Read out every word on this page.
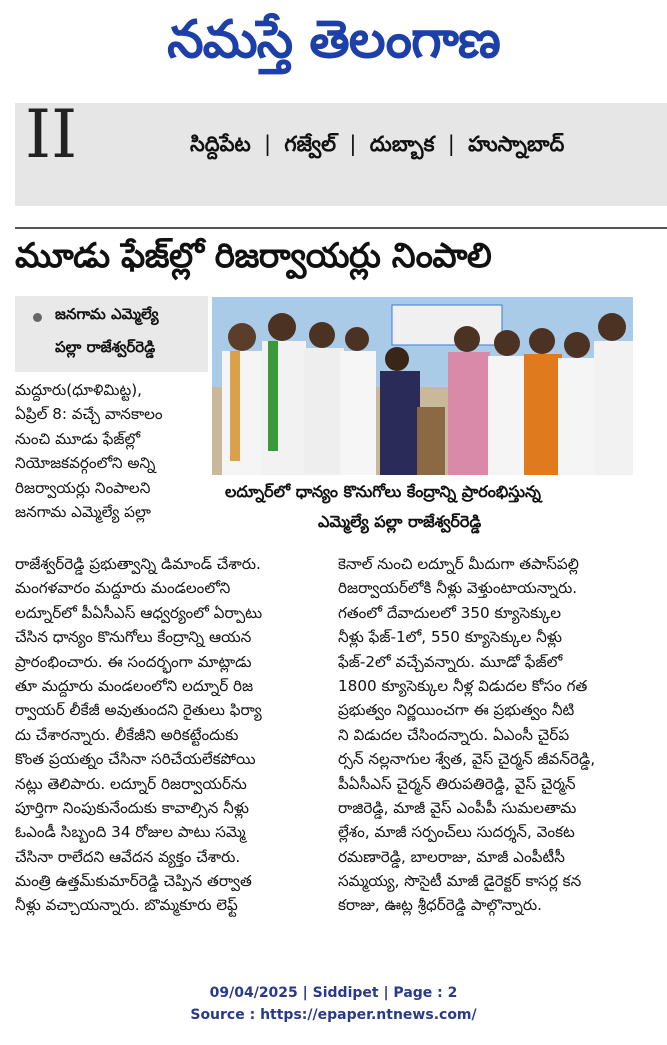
నమస్తే తెలంగాణ
II	సిద్దిపేట | గజ్వేల్ | దుబ్బాక | హుస్నాబాద్
మూడు ఫేజ్‌ల్లో రిజర్వాయర్లు నింపాలి
జనగామ ఎమ్మెల్యే
పల్లా రాజేశ్వర్‌రెడ్డి
లద్నూర్‌లో ధాన్యం కొనుగోలు కేంద్రాన్ని ప్రారంభిస్తున్న
ఎమ్మెల్యే పల్లా రాజేశ్వర్‌రెడ్డి
మద్దూరు(ధూళిమిట్ట),
ఏప్రిల్ 8: వచ్చే వానకాలం
నుంచి మూడు ఫేజ్‌ల్లో
నియోజకవర్గంలోని అన్ని
రిజర్వాయర్లు నింపాలని
జనగామ ఎమ్మెల్యే పల్లా
రాజేశ్వర్‌రెడ్డి ప్రభుత్వాన్ని డిమాండ్ చేశారు.
మంగళవారం మద్దూరు మండలంలోని
లద్నూర్‌లో పీఏసీఎస్ ఆధ్వర్యంలో ఏర్పాటు
చేసిన ధాన్యం కొనుగోలు కేంద్రాన్ని ఆయన
ప్రారంభించారు. ఈ సందర్భంగా మాట్లాడు
తూ మద్దూరు మండలంలోని లద్నూర్ రిజ
ర్వాయర్ లీకేజీ అవుతుందని రైతులు ఫిర్యా
దు చేశారన్నారు. లీకేజీని అరికట్టేందుకు
కొంత ప్రయత్నం చేసినా సరిచేయలేకపోయి
నట్లు తెలిపారు. లద్నూర్ రిజర్వాయర్‌ను
పూర్తిగా నింపుకునేందుకు కావాల్సిన నీళ్లు
ఓఎండీ సిబ్బంది 34 రోజుల పాటు సమ్మె
చేసినా రాలేదని ఆవేదన వ్యక్తం చేశారు.
మంత్రి ఉత్తమ్‌కుమార్‌రెడ్డి చెప్పిన తర్వాత
నీళ్లు వచ్చాయన్నారు. బొమ్మకూరు లెఫ్ట్
కెనాల్ నుంచి లద్నూర్ మీదుగా తపాస్‌పల్లి
రిజర్వాయర్‌లోకి నీళ్లు వెళ్తుంటాయన్నారు.
గతంలో దేవాదులలో 350 క్యూసెక్కుల
నీళ్లు ఫేజ్-1లో, 550 క్యూసెక్కుల నీళ్లు
ఫేజ్-2లో వచ్చేవన్నారు. మూడో ఫేజ్‌లో
1800 క్యూసెక్కుల నీళ్ల విడుదల కోసం గత
ప్రభుత్వం నిర్ణయించగా ఈ ప్రభుత్వం నీటి
ని విడుదల చేసిందన్నారు. ఏఎంసీ చైర్‌ప
ర్సన్ నల్లనాగుల శ్వేత, వైస్ చైర్మన్ జీవన్‌రెడ్డి,
పీఏసీఎస్ చైర్మన్ తిరుపతిరెడ్డి, వైస్ చైర్మన్
రాజిరెడ్డి, మాజీ వైస్ ఎంపీపీ సుమలతామ
ల్లేశం, మాజీ సర్పంచ్‌లు సుదర్శన్, వెంకట
రమణారెడ్డి, బాలరాజు, మాజీ ఎంపీటీసీ
సమ్మయ్య, సొసైటీ మాజీ డైరెక్టర్ కాసర్ల కన
కరాజు, ఊట్ల శ్రీధర్‌రెడ్డి పాల్గొన్నారు.
09/04/2025 | Siddipet | Page : 2
Source : https://epaper.ntnews.com/
